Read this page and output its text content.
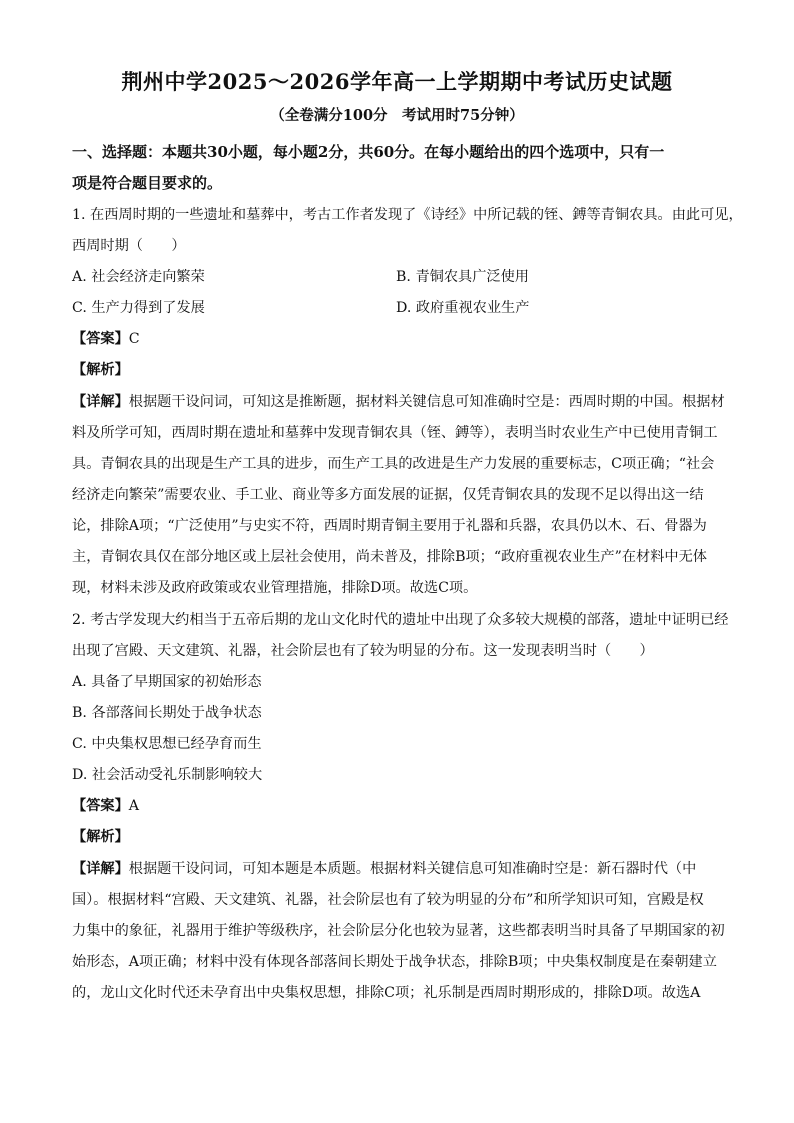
荆州中学2025～2026学年高一上学期期中考试历史试题
（全卷满分100分　考试用时75分钟）
一、选择题：本题共30小题，每小题2分，共60分。在每小题给出的四个选项中，只有一
项是符合题目要求的。
1. 在西周时期的一些遗址和墓葬中，考古工作者发现了《诗经》中所记载的铚、鎛等青铜农具。由此可见，
西周时期（　　）
A. 社会经济走向繁荣	B. 青铜农具广泛使用
C. 生产力得到了发展	D. 政府重视农业生产
【答案】C
【解析】
【详解】根据题干设问词，可知这是推断题，据材料关键信息可知准确时空是：西周时期的中国。根据材
料及所学可知，西周时期在遗址和墓葬中发现青铜农具（铚、鎛等），表明当时农业生产中已使用青铜工
具。青铜农具的出现是生产工具的进步，而生产工具的改进是生产力发展的重要标志，C项正确；“社会
经济走向繁荣”需要农业、手工业、商业等多方面发展的证据，仅凭青铜农具的发现不足以得出这一结
论，排除A项；“广泛使用”与史实不符，西周时期青铜主要用于礼器和兵器，农具仍以木、石、骨器为
主，青铜农具仅在部分地区或上层社会使用，尚未普及，排除B项；“政府重视农业生产”在材料中无体
现，材料未涉及政府政策或农业管理措施，排除D项。故选C项。
2. 考古学发现大约相当于五帝后期的龙山文化时代的遗址中出现了众多较大规模的部落，遗址中证明已经
出现了宫殿、天文建筑、礼器，社会阶层也有了较为明显的分布。这一发现表明当时（　　）
A. 具备了早期国家的初始形态
B. 各部落间长期处于战争状态
C. 中央集权思想已经孕育而生
D. 社会活动受礼乐制影响较大
【答案】A
【解析】
【详解】根据题干设问词，可知本题是本质题。根据材料关键信息可知准确时空是：新石器时代（中
国）。根据材料“宫殿、天文建筑、礼器，社会阶层也有了较为明显的分布”和所学知识可知，宫殿是权
力集中的象征，礼器用于维护等级秩序，社会阶层分化也较为显著，这些都表明当时具备了早期国家的初
始形态，A项正确；材料中没有体现各部落间长期处于战争状态，排除B项；中央集权制度是在秦朝建立
的，龙山文化时代还未孕育出中央集权思想，排除C项；礼乐制是西周时期形成的，排除D项。故选A
